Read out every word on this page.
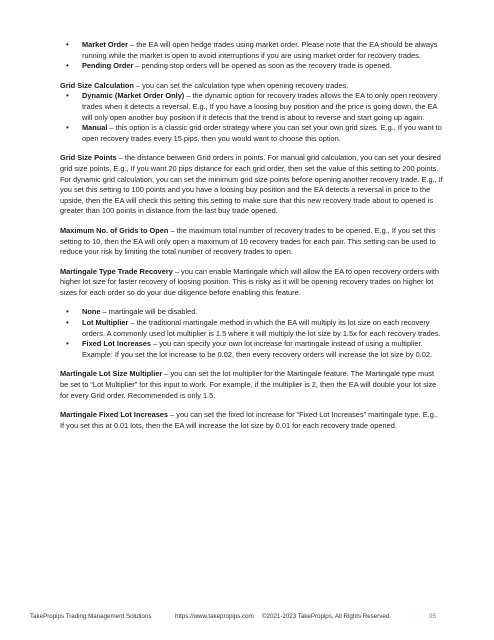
• Market Order – the EA will open hedge trades using market order. Please note that the EA should be always running while the market is open to avoid interruptions if you are using market order for recovery trades.
• Pending Order – pending stop orders will be opened as soon as the recovery trade is opened.

Grid Size Calculation – you can set the calculation type when opening recovery trades.

• Dynamic (Market Order Only) – the dynamic option for recovery trades allows the EA to only open recovery trades when it detects a reversal. E.g., If you have a loosing buy position and the price is going down, the EA will only open another buy position if it detects that the trend is about to reverse and start going up again.
• Manual – this option is a classic grid order strategy where you can set your own grid sizes. E.g., If you want to open recovery trades every 15 pips, then you would want to choose this option.

Grid Size Points – the distance between Grid orders in points. For manual grid calculation, you can set your desired grid size points. E.g., If you want 20 pips distance for each grid order, then set the value of this setting to 200 points.

For dynamic grid calculation, you can set the minimum grid size points before opening another recovery trade. E.g., If you set this setting to 100 points and you have a loosing buy position and the EA detects a reversal in price to the upside, then the EA will check this setting this setting to make sure that this new recovery trade about to opened is greater than 100 points in distance from the last buy trade opened.

Maximum No. of Grids to Open – the maximum total number of recovery trades to be opened. E.g., If you set this setting to 10, then the EA will only open a maximum of 10 recovery trades for each pair. This setting can be used to reduce your risk by limiting the total number of recovery trades to open.

Martingale Type Trade Recovery – you can enable Martingale which will allow the EA to open recovery orders with higher lot size for faster recovery of loosing position. This is risky as it will be opening recovery trades on higher lot sizes for each order so do your due diligence before enabling this feature.

• None – martingale will be disabled.
• Lot Multiplier – the traditional martingale method in which the EA will multiply its lot size on each recovery orders. A commonly used lot multiplier is 1.5 where it will multiply the lot size by 1.5x for each recovery trades.
• Fixed Lot Increases – you can specify your own lot increase for martingale instead of using a multiplier. Example: If you set the lot increase to be 0.02, then every recovery orders will increase the lot size by 0.02.

Martingale Lot Size Multiplier – you can set the lot multiplier for the Martingale feature. The Martingale type must be set to “Lot Multiplier” for this input to work. For example, if the multiplier is 2, then the EA will double your lot size for every Grid order. Recommended is only 1.5.

Martingale Fixed Lot Increases – you can set the fixed lot increase for “Fixed Lot Increases” martingale type. E.g., If you set this at 0.01 lots, then the EA will increase the lot size by 0.01 for each recovery trade opened.

TakePropips Trading Management Solutions	https://www.takepropips.com ©2021-2023 TakePropips, All Rights Reserved.	95
